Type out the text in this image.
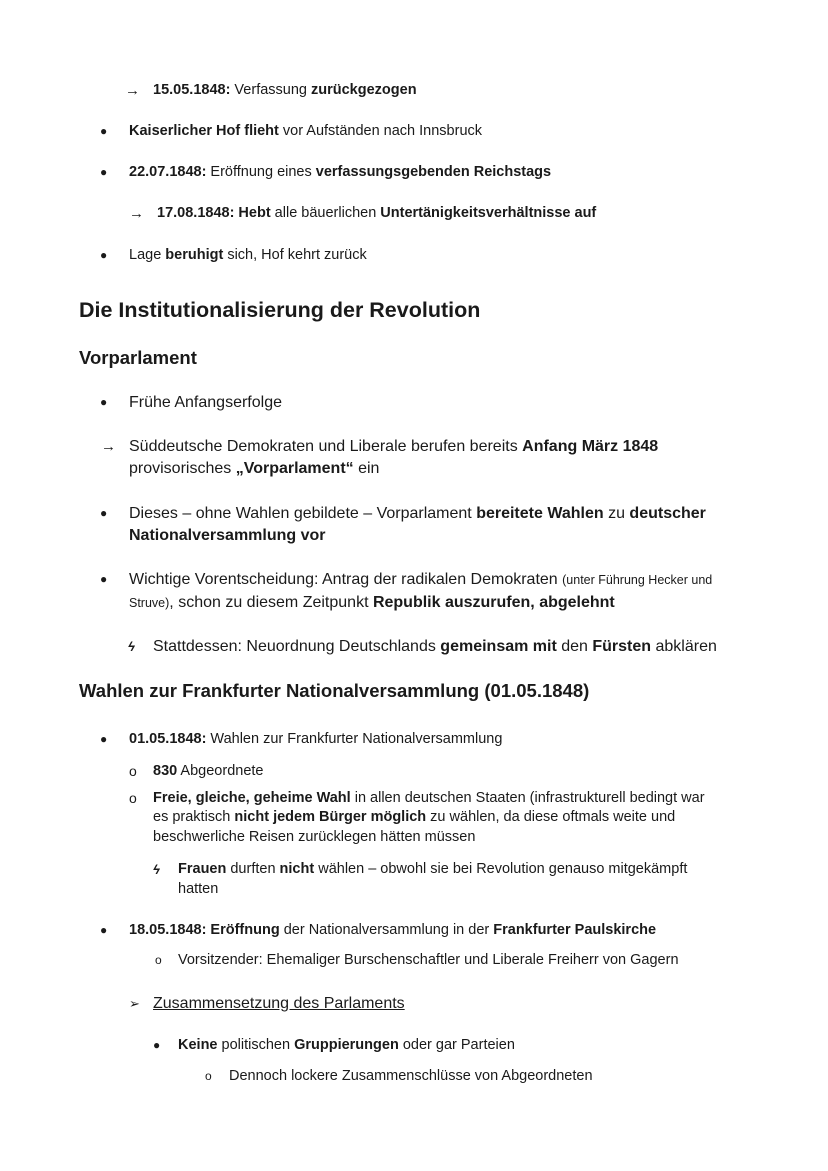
→ 15.05.1848: Verfassung zurückgezogen
● Kaiserlicher Hof flieht vor Aufständen nach Innsbruck
● 22.07.1848: Eröffnung eines verfassungsgebenden Reichstags
→ 17.08.1848: Hebt alle bäuerlichen Untertänigkeitsverhältnisse auf
● Lage beruhigt sich, Hof kehrt zurück
Die Institutionalisierung der Revolution
Vorparlament
● Frühe Anfangserfolge
→ Süddeutsche Demokraten und Liberale berufen bereits Anfang März 1848
provisorisches „Vorparlament“ ein
● Dieses – ohne Wahlen gebildete – Vorparlament bereitete Wahlen zu deutscher
Nationalversammlung vor
● Wichtige Vorentscheidung: Antrag der radikalen Demokraten (unter Führung Hecker und
Struve), schon zu diesem Zeitpunkt Republik auszurufen, abgelehnt
ϟ Stattdessen: Neuordnung Deutschlands gemeinsam mit den Fürsten abklären
Wahlen zur Frankfurter Nationalversammlung (01.05.1848)
● 01.05.1848: Wahlen zur Frankfurter Nationalversammlung
o 830 Abgeordnete
o Freie, gleiche, geheime Wahl in allen deutschen Staaten (infrastrukturell bedingt war
es praktisch nicht jedem Bürger möglich zu wählen, da diese oftmals weite und
beschwerliche Reisen zurücklegen hätten müssen
ϟ Frauen durften nicht wählen – obwohl sie bei Revolution genauso mitgekämpft
hatten
● 18.05.1848: Eröffnung der Nationalversammlung in der Frankfurter Paulskirche
o Vorsitzender: Ehemaliger Burschenschaftler und Liberale Freiherr von Gagern
➢ Zusammensetzung des Parlaments
● Keine politischen Gruppierungen oder gar Parteien
o Dennoch lockere Zusammenschlüsse von Abgeordneten
